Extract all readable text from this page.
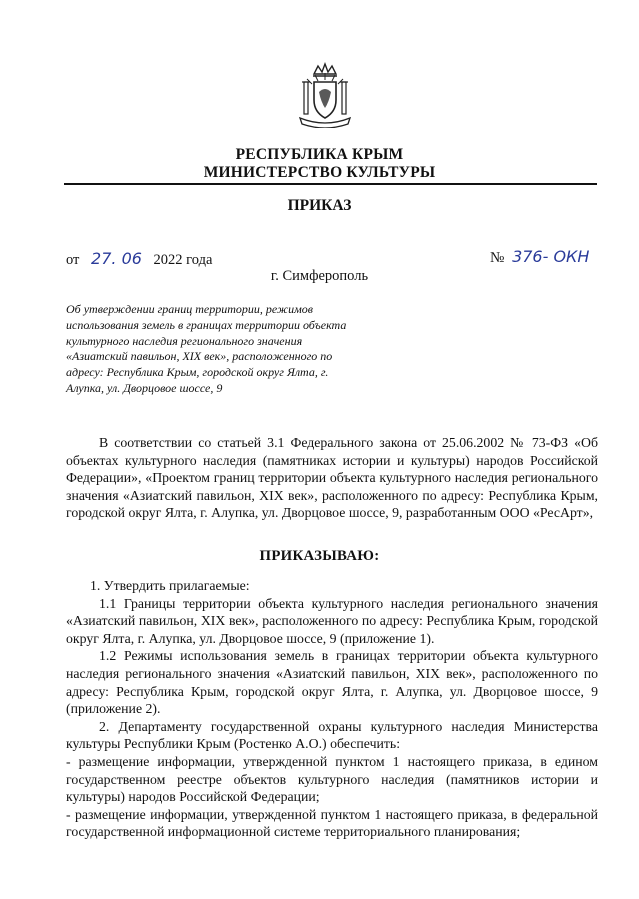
РЕСПУБЛИКА КРЫМ
МИНИСТЕРСТВО КУЛЬТУРЫ
ПРИКАЗ
от 27. 06 2022 года	№ 376- ОКН
г. Симферополь
Об утверждении границ территории, режимов
использования земель в границах территории объекта
культурного наследия регионального значения
«Азиатский павильон, XIX век», расположенного по
адресу: Республика Крым, городской округ Ялта, г.
Алупка, ул. Дворцовое шоссе, 9
В соответствии со статьей 3.1 Федерального закона от 25.06.2002 № 73-ФЗ «Об объектах культурного наследия (памятниках истории и культуры) народов Российской Федерации», «Проектом границ территории объекта культурного наследия регионального значения «Азиатский павильон, XIX век», расположенного по адресу: Республика Крым, городской округ Ялта, г. Алупка, ул. Дворцовое шоссе, 9, разработанным ООО «РесАрт»,
ПРИКАЗЫВАЮ:

1. Утвердить прилагаемые:

1.1 Границы территории объекта культурного наследия регионального значения «Азиатский павильон, XIX век», расположенного по адресу: Республика Крым, городской округ Ялта, г. Алупка, ул. Дворцовое шоссе, 9 (приложение 1).

1.2 Режимы использования земель в границах территории объекта культурного наследия регионального значения «Азиатский павильон, XIX век», расположенного по адресу: Республика Крым, городской округ Ялта, г. Алупка, ул. Дворцовое шоссе, 9 (приложение 2).

2. Департаменту государственной охраны культурного наследия Министерства культуры Республики Крым (Ростенко А.О.) обеспечить:

- размещение информации, утвержденной пунктом 1 настоящего приказа, в едином государственном реестре объектов культурного наследия (памятников истории и культуры) народов Российской Федерации;

- размещение информации, утвержденной пунктом 1 настоящего приказа, в федеральной государственной информационной системе территориального планирования;
